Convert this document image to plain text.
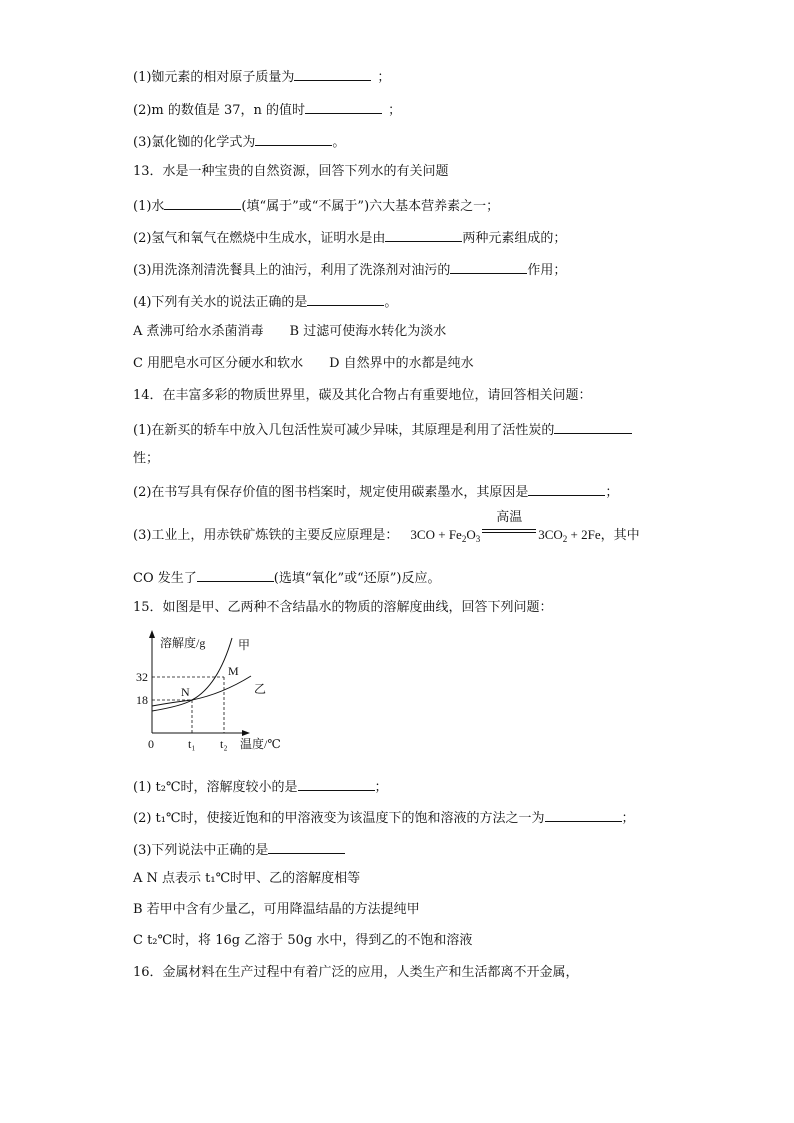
(1)铷元素的相对原子质量为	；
(2)m 的数值是 37，n 的值时	；
(3)氯化铷的化学式为	。
13．水是一种宝贵的自然资源，回答下列水的有关问题
(1)水	(填“属于”或“不属于”)六大基本营养素之一；
(2)氢气和氧气在燃烧中生成水，证明水是由	两种元素组成的；
(3)用洗涤剂清洗餐具上的油污，利用了洗涤剂对油污的	作用；
(4)下列有关水的说法正确的是	。
A 煮沸可给水杀菌消毒 B 过滤可使海水转化为淡水
C 用肥皂水可区分硬水和软水 D 自然界中的水都是纯水
14．在丰富多彩的物质世界里，碳及其化合物占有重要地位，请回答相关问题：
(1)在新买的轿车中放入几包活性炭可减少异味，其原理是利用了活性炭的
性；
(2)在书写具有保存价值的图书档案时，规定使用碳素墨水，其原因是	；
(3)工业上，用赤铁矿炼铁的主要反应原理是： $3CO + Fe_2O_3$
高温
$3CO_2 + 2Fe$，其中
CO 发生了	(选填“氧化”或“还原”)反应。
15．如图是甲、乙两种不含结晶水的物质的溶解度曲线，回答下列问题：
溶解度/g	甲
乙
M
N
32
18
0	t₁ t₂ 温度/℃
(1) t₂℃时，溶解度较小的是	；
(2) t₁℃时，使接近饱和的甲溶液变为该温度下的饱和溶液的方法之一为	；
(3)下列说法中正确的是
A N 点表示 t₁℃时甲、乙的溶解度相等
B 若甲中含有少量乙，可用降温结晶的方法提纯甲
C t₂℃时，将 16g 乙溶于 50g 水中，得到乙的不饱和溶液
16．金属材料在生产过程中有着广泛的应用，人类生产和生活都离不开金属，
